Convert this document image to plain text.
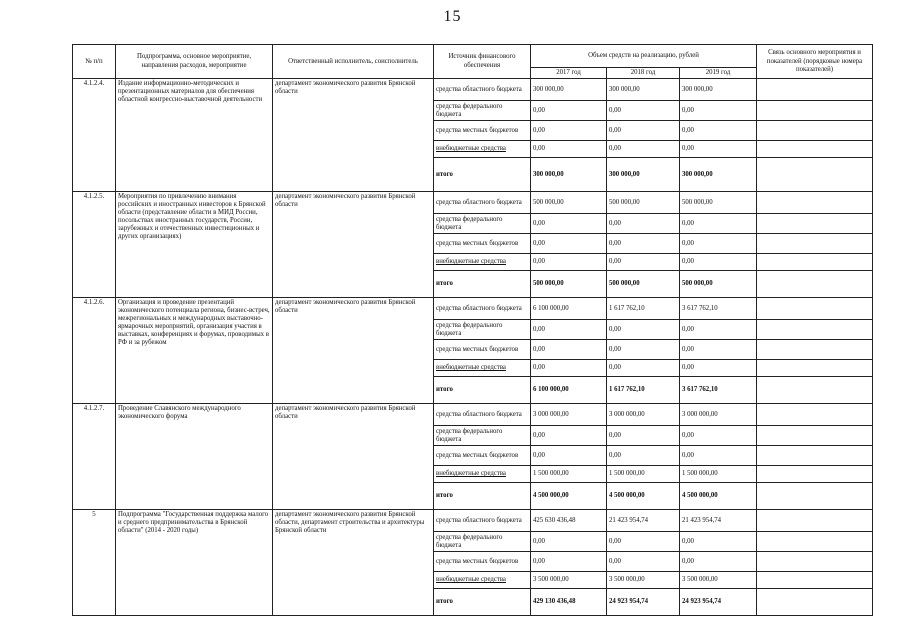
15
№ п/п	Подпрограмма, основное мероприятие, направления расходов, мероприятие	Ответственный исполнитель, соисполнитель	Источник финансового обеспечения	Объем средств на реализацию, рублей			Связь основного мероприятия и показателей (порядковые номера показателей)
				2017 год	2018 год	2019 год	
4.1.2.4.	Издание информационно-методических и презентационных материалов для обеспечения областной конгрессно-выставочной деятельности	департамент экономического развития Брянской области	средства областного бюджета	300 000,00	300 000,00	300 000,00	
			средства федерального бюджета	0,00	0,00	0,00	
			средства местных бюджетов	0,00	0,00	0,00	
			внебюджетные средства	0,00	0,00	0,00	
			итого	300 000,00	300 000,00	300 000,00	
4.1.2.5.	Мероприятия по привлечению внимания российских и иностранных инвесторов к Брянской области (представление области в МИД России, посольствах иностранных государств, России, зарубежных и отечественных инвестиционных и других организациях)	департамент экономического развития Брянской области	средства областного бюджета	500 000,00	500 000,00	500 000,00	
			средства федерального бюджета	0,00	0,00	0,00	
			средства местных бюджетов	0,00	0,00	0,00	
			внебюджетные средства	0,00	0,00	0,00	
			итого	500 000,00	500 000,00	500 000,00	
4.1.2.6.	Организация и проведение презентаций экономического потенциала региона, бизнес-встреч, межрегиональных и международных выставочно-ярмарочных мероприятий, организация участия в выставках, конференциях и форумах, проводимых в РФ и за рубежом	департамент экономического развития Брянской области	средства областного бюджета	6 100 000,00	1 617 762,10	3 617 762,10	
			средства федерального бюджета	0,00	0,00	0,00	
			средства местных бюджетов	0,00	0,00	0,00	
			внебюджетные средства	0,00	0,00	0,00	
			итого	6 100 000,00	1 617 762,10	3 617 762,10	
4.1.2.7.	Проведение Славянского международного экономического форума	департамент экономического развития Брянской области	средства областного бюджета	3 000 000,00	3 000 000,00	3 000 000,00	
			средства федерального бюджета	0,00	0,00	0,00	
			средства местных бюджетов	0,00	0,00	0,00	
			внебюджетные средства	1 500 000,00	1 500 000,00	1 500 000,00	
			итого	4 500 000,00	4 500 000,00	4 500 000,00	
5	Подпрограмма "Государственная поддержка малого и среднего предпринимательства в Брянской области" (2014 - 2020 годы)	департамент экономического развития Брянской области, департамент строительства и архитектуры Брянской области	средства областного бюджета	425 630 436,48	21 423 954,74	21 423 954,74	
			средства федерального бюджета	0,00	0,00	0,00	
			средства местных бюджетов	0,00	0,00	0,00	
			внебюджетные средства	3 500 000,00	3 500 000,00	3 500 000,00	
			итого	429 130 436,48	24 923 954,74	24 923 954,74	
